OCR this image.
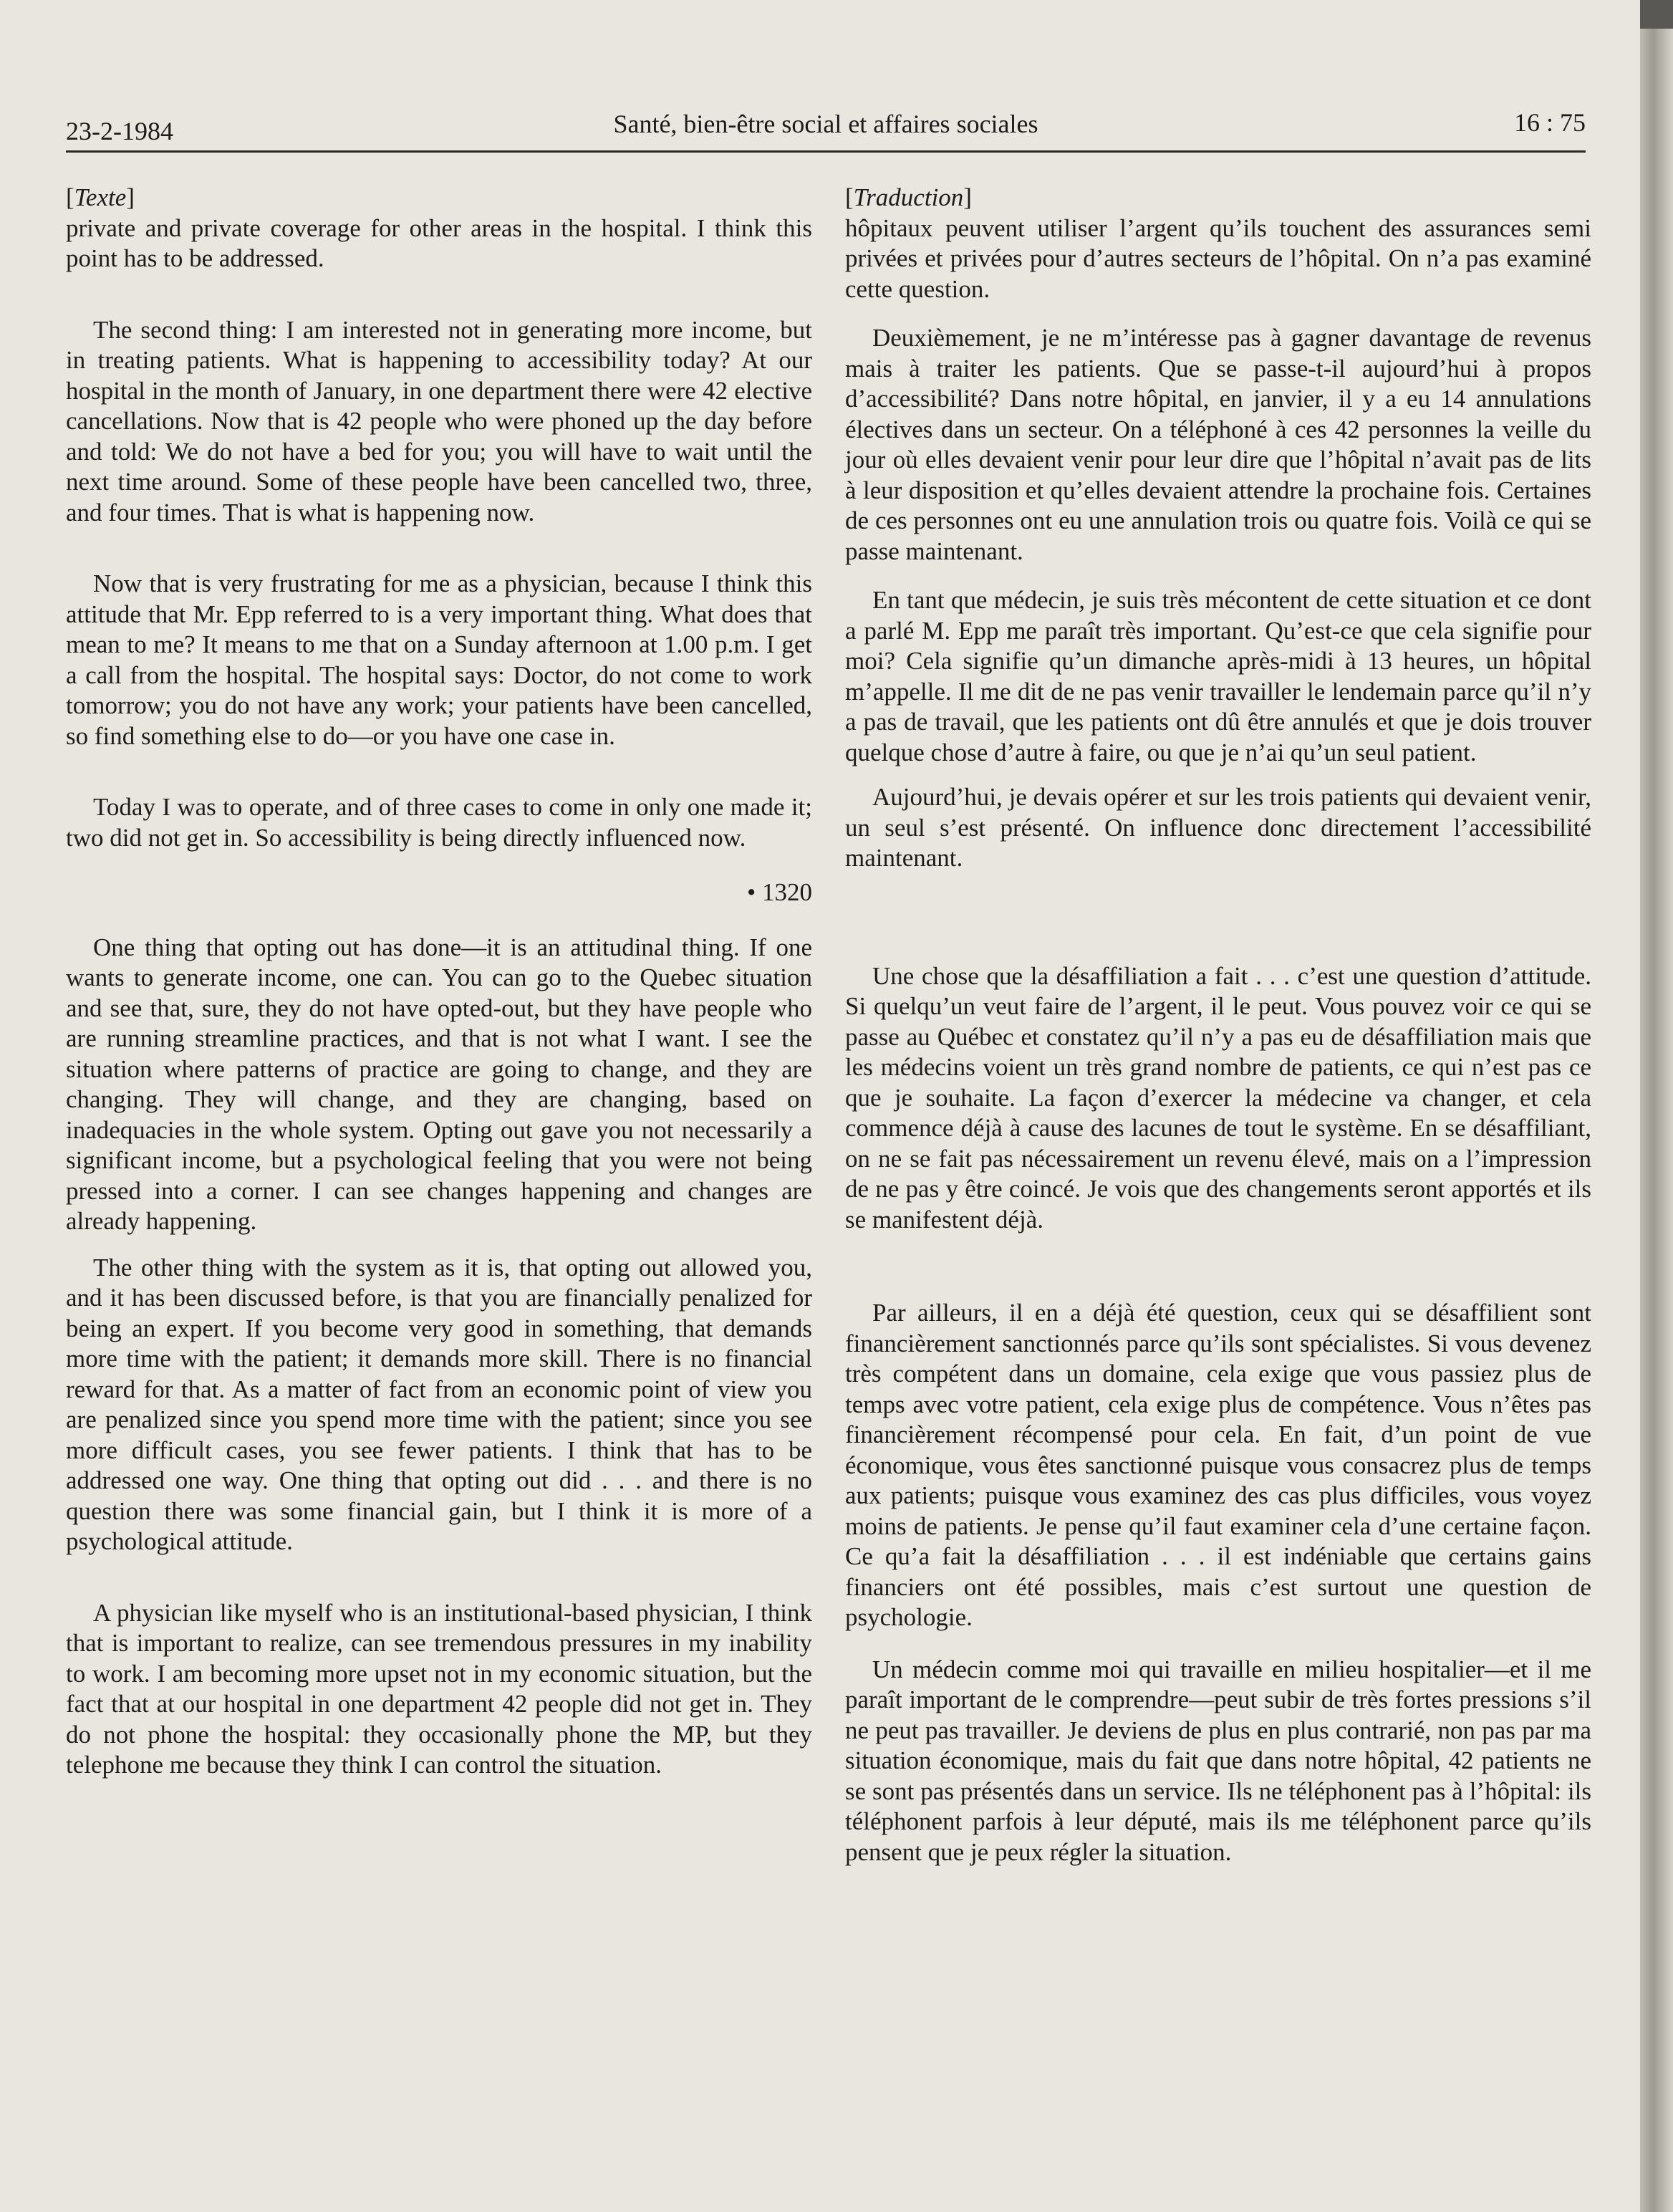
23-2-1984	Santé, bien-être social et affaires sociales	16 : 75
[Texte]

private and private coverage for other areas in the hospital. I think this point has to be addressed.

The second thing: I am interested not in generating more income, but in treating patients. What is happening to accessibility today? At our hospital in the month of January, in one department there were 42 elective cancellations. Now that is 42 people who were phoned up the day before and told: We do not have a bed for you; you will have to wait until the next time around. Some of these people have been cancelled two, three, and four times. That is what is happening now.

Now that is very frustrating for me as a physician, because I think this attitude that Mr. Epp referred to is a very important thing. What does that mean to me? It means to me that on a Sunday afternoon at 1.00 p.m. I get a call from the hospital. The hospital says: Doctor, do not come to work tomorrow; you do not have any work; your patients have been cancelled, so find something else to do—or you have one case in.

Today I was to operate, and of three cases to come in only one made it; two did not get in. So accessibility is being directly influenced now.

• 1320

One thing that opting out has done—it is an attitudinal thing. If one wants to generate income, one can. You can go to the Quebec situation and see that, sure, they do not have opted-out, but they have people who are running streamline practices, and that is not what I want. I see the situation where patterns of practice are going to change, and they are changing. They will change, and they are changing, based on inadequacies in the whole system. Opting out gave you not necessarily a significant income, but a psychological feeling that you were not being pressed into a corner. I can see changes happening and changes are already happening.

The other thing with the system as it is, that opting out allowed you, and it has been discussed before, is that you are financially penalized for being an expert. If you become very good in something, that demands more time with the patient; it demands more skill. There is no financial reward for that. As a matter of fact from an economic point of view you are penalized since you spend more time with the patient; since you see more difficult cases, you see fewer patients. I think that has to be addressed one way. One thing that opting out did . . . and there is no question there was some financial gain, but I think it is more of a psychological attitude.

A physician like myself who is an institutional-based physician, I think that is important to realize, can see tremendous pressures in my inability to work. I am becoming more upset not in my economic situation, but the fact that at our hospital in one department 42 people did not get in. They do not phone the hospital: they occasionally phone the MP, but they telephone me because they think I can control the situation.

[Traduction]

hôpitaux peuvent utiliser l’argent qu’ils touchent des assurances semi privées et privées pour d’autres secteurs de l’hôpital. On n’a pas examiné cette question.

Deuxièmement, je ne m’intéresse pas à gagner davantage de revenus mais à traiter les patients. Que se passe-t-il aujourd’hui à propos d’accessibilité? Dans notre hôpital, en janvier, il y a eu 14 annulations électives dans un secteur. On a téléphoné à ces 42 personnes la veille du jour où elles devaient venir pour leur dire que l’hôpital n’avait pas de lits à leur disposition et qu’elles devaient attendre la prochaine fois. Certaines de ces personnes ont eu une annulation trois ou quatre fois. Voilà ce qui se passe maintenant.

En tant que médecin, je suis très mécontent de cette situation et ce dont a parlé M. Epp me paraît très important. Qu’est-ce que cela signifie pour moi? Cela signifie qu’un dimanche après-midi à 13 heures, un hôpital m’appelle. Il me dit de ne pas venir travailler le lendemain parce qu’il n’y a pas de travail, que les patients ont dû être annulés et que je dois trouver quelque chose d’autre à faire, ou que je n’ai qu’un seul patient.

Aujourd’hui, je devais opérer et sur les trois patients qui devaient venir, un seul s’est présenté. On influence donc directement l’accessibilité maintenant.

Une chose que la désaffiliation a fait . . . c’est une question d’attitude. Si quelqu’un veut faire de l’argent, il le peut. Vous pouvez voir ce qui se passe au Québec et constatez qu’il n’y a pas eu de désaffiliation mais que les médecins voient un très grand nombre de patients, ce qui n’est pas ce que je souhaite. La façon d’exercer la médecine va changer, et cela commence déjà à cause des lacunes de tout le système. En se désaffiliant, on ne se fait pas nécessairement un revenu élevé, mais on a l’impression de ne pas y être coincé. Je vois que des changements seront apportés et ils se manifestent déjà.

Par ailleurs, il en a déjà été question, ceux qui se désaffilient sont financièrement sanctionnés parce qu’ils sont spécialistes. Si vous devenez très compétent dans un domaine, cela exige que vous passiez plus de temps avec votre patient, cela exige plus de compétence. Vous n’êtes pas financièrement récompensé pour cela. En fait, d’un point de vue économique, vous êtes sanctionné puisque vous consacrez plus de temps aux patients; puisque vous examinez des cas plus difficiles, vous voyez moins de patients. Je pense qu’il faut examiner cela d’une certaine façon. Ce qu’a fait la désaffiliation . . . il est indéniable que certains gains financiers ont été possibles, mais c’est surtout une question de psychologie.

Un médecin comme moi qui travaille en milieu hospitalier—et il me paraît important de le comprendre—peut subir de très fortes pressions s’il ne peut pas travailler. Je deviens de plus en plus contrarié, non pas par ma situation économique, mais du fait que dans notre hôpital, 42 patients ne se sont pas présentés dans un service. Ils ne téléphonent pas à l’hôpital: ils téléphonent parfois à leur député, mais ils me téléphonent parce qu’ils pensent que je peux régler la situation.
